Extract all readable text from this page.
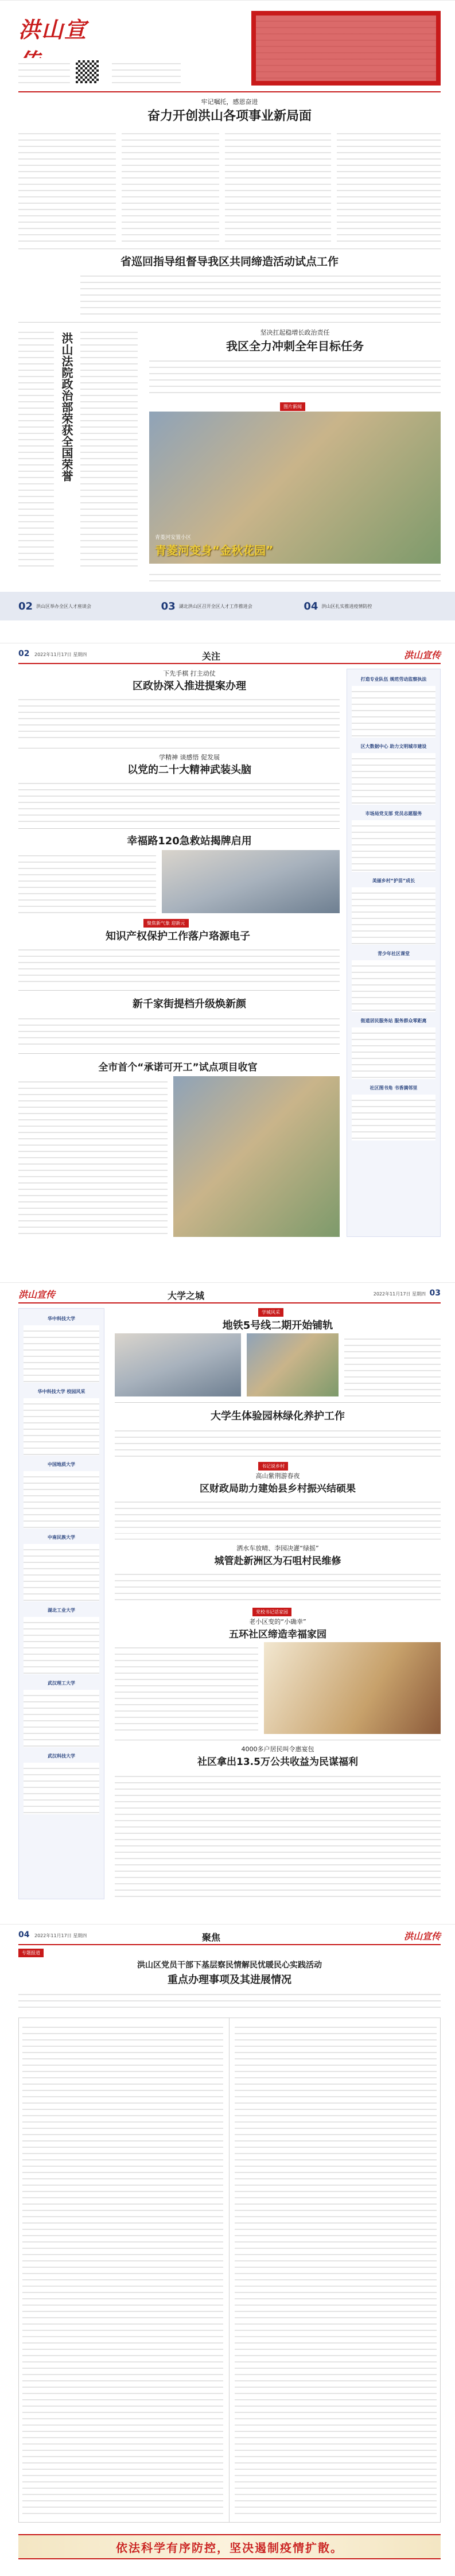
洪山宣
牢记嘱托，感恩奋进
奋力开创洪山各项事业新局面
省巡回指导组督导我区共同缔造活动试点工作
洪山法院政治部荣获全国荣誉	坚决扛起稳增长政治责任
我区全力冲刺全年目标任务
图片新闻
青菱河安置小区
青菱河变身“金秋花园”
02 洪山区举办全区人才座谈会	03 湖北洪山区召开全区人才工作推进会	04 洪山区扎实推进疫情防控
02 2022年11月17日 星期四	关注	洪山宣传
下先手棋 打主动仗
区政协深入推进提案办理
学精神 谈感悟 促发展
以党的二十大精神武装头脑
幸福路120急救站揭牌启用
聚焦新气象 迎新元
知识产权保护工作落户珞源电子
新千家街提档升级焕新颜
全市首个“承诺可开工”试点项目收官
打造专业队伍 规范劳动监察执法
区大数据中心 助力文明城市建设
市场局党支部 党员志愿服务
美丽乡村“护苗”成长
青少年社区课堂
街道居民服务站 服务群众零距离
社区图书角 书香满邻里
洪山宣传	大学之城	2022年11月17日 星期四 03
华中科技大学
华中科技大学 校园风采
中国地质大学
中南民族大学
湖北工业大学
武汉理工大学
武汉科技大学
学城风采
地铁5号线二期开始铺轨
大学生体验园林绿化养护工作
书记说乡村
高山紫荆游春夜
区财政局助力建始县乡村振兴结硕果
洒水车放晴、李园决灌“绿摇”
城管赴新洲区为石咀村民维修
党校书记话家园
老小区变的“小确幸”
五环社区缔造幸福家园
4000多户居民叫令惠宴包
社区拿出13.5万公共收益为民谋福利
04 2022年11月17日 星期四	聚焦	洪山宣传
专题报道
洪山区党员干部下基层察民情解民忧暖民心实践活动
重点办理事项及其进展情况
依法科学有序防控，坚决遏制疫情扩散。
